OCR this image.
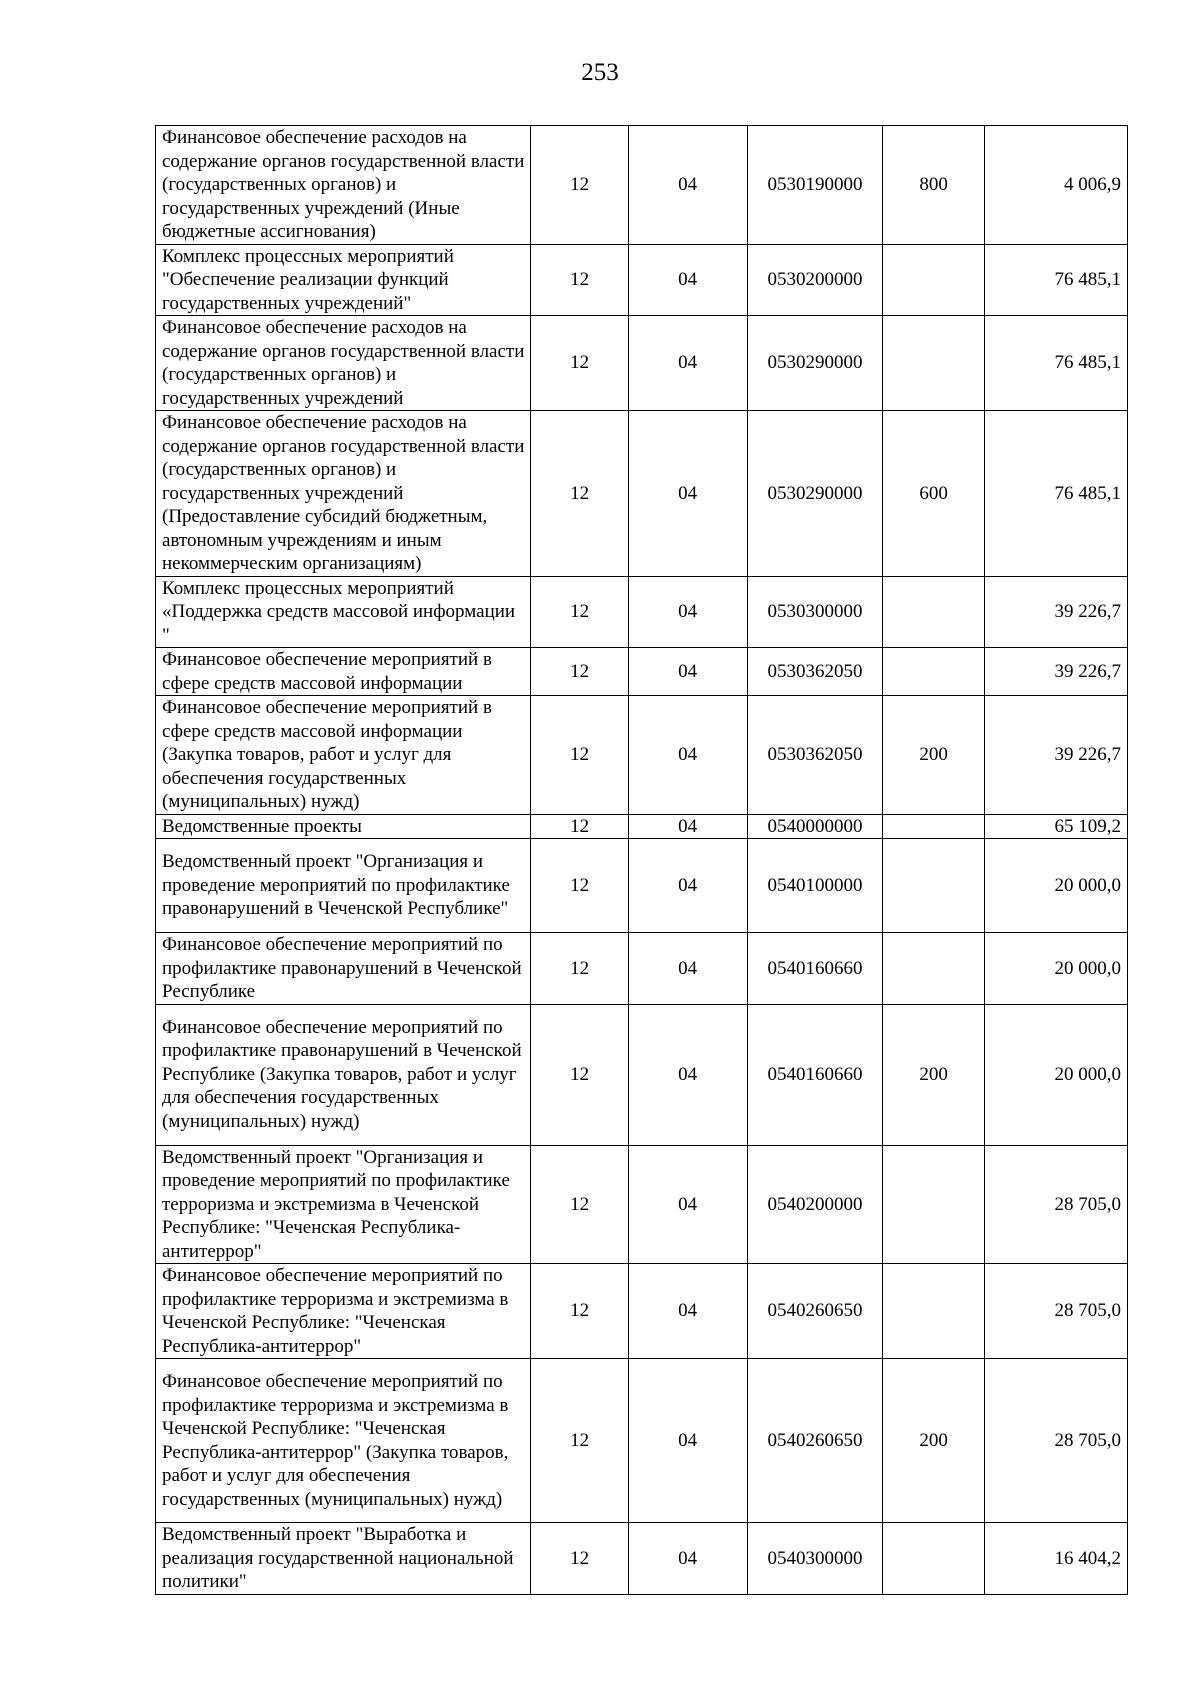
253
Финансовое обеспечение расходов на содержание органов государственной власти (государственных органов) и государственных учреждений (Иные бюджетные ассигнования)	12	04	0530190000	800	4 006,9
Комплекс процессных мероприятий "Обеспечение реализации функций государственных учреждений"	12	04	0530200000		76 485,1
Финансовое обеспечение расходов на содержание органов государственной власти (государственных органов) и государственных учреждений	12	04	0530290000		76 485,1
Финансовое обеспечение расходов на содержание органов государственной власти (государственных органов) и государственных учреждений (Предоставление субсидий бюджетным, автономным учреждениям и иным некоммерческим организациям)	12	04	0530290000	600	76 485,1
Комплекс процессных мероприятий «Поддержка средств массовой информации "	12	04	0530300000		39 226,7
Финансовое обеспечение мероприятий в сфере средств массовой информации	12	04	0530362050		39 226,7
Финансовое обеспечение мероприятий в сфере средств массовой информации (Закупка товаров, работ и услуг для обеспечения государственных (муниципальных) нужд)	12	04	0530362050	200	39 226,7
Ведомственные проекты	12	04	0540000000		65 109,2
Ведомственный проект "Организация и проведение мероприятий по профилактике правонарушений в Чеченской Республике"	12	04	0540100000		20 000,0
Финансовое обеспечение мероприятий по профилактике правонарушений в Чеченской Республике	12	04	0540160660		20 000,0
Финансовое обеспечение мероприятий по профилактике правонарушений в Чеченской Республике (Закупка товаров, работ и услуг для обеспечения государственных (муниципальных) нужд)	12	04	0540160660	200	20 000,0
Ведомственный проект "Организация и проведение мероприятий по профилактике терроризма и экстремизма в Чеченской Республике: "Чеченская Республика-антитеррор"	12	04	0540200000		28 705,0
Финансовое обеспечение мероприятий по профилактике терроризма и экстремизма в Чеченской Республике: "Чеченская Республика-антитеррор"	12	04	0540260650		28 705,0
Финансовое обеспечение мероприятий по профилактике терроризма и экстремизма в Чеченской Республике: "Чеченская Республика-антитеррор" (Закупка товаров, работ и услуг для обеспечения государственных (муниципальных) нужд)	12	04	0540260650	200	28 705,0
Ведомственный проект "Выработка и реализация государственной национальной политики"	12	04	0540300000		16 404,2
